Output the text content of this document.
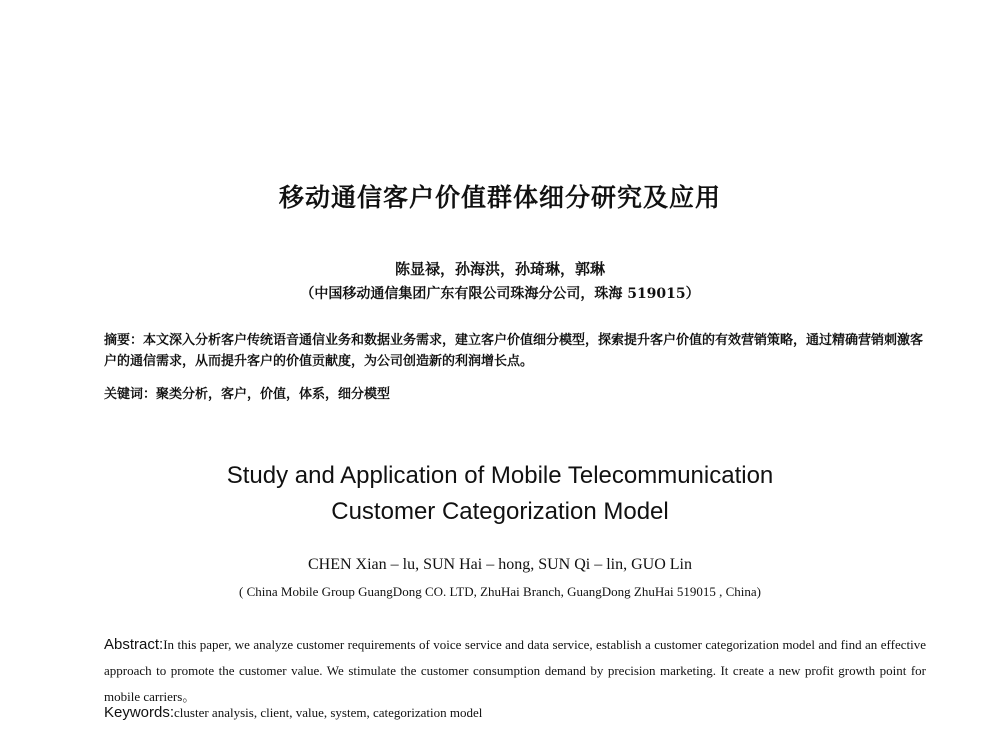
移动通信客户价值群体细分研究及应用
陈显禄，孙海洪，孙琦琳，郭琳
（中国移动通信集团广东有限公司珠海分公司，珠海 519015）
摘要：本文深入分析客户传统语音通信业务和数据业务需求，建立客户价值细分模型，探索提升客户价值的有效营销策略，通过精确营销刺激客户的通信需求，从而提升客户的价值贡献度，为公司创造新的利润增长点。
关键词：聚类分析，客户，价值，体系，细分模型
Study and Application of Mobile Telecommunication
Customer Categorization Model
CHEN Xian – lu, SUN Hai – hong, SUN Qi – lin, GUO Lin
( China Mobile Group GuangDong CO. LTD, ZhuHai Branch, GuangDong ZhuHai 519015 , China)
Abstract:In this paper, we analyze customer requirements of voice service and data service, establish a customer categorization model and find an effective approach to promote the customer value. We stimulate the customer consumption demand by precision marketing. It create a new profit growth point for mobile carriers。
Keywords:cluster analysis, client, value, system, categorization model
